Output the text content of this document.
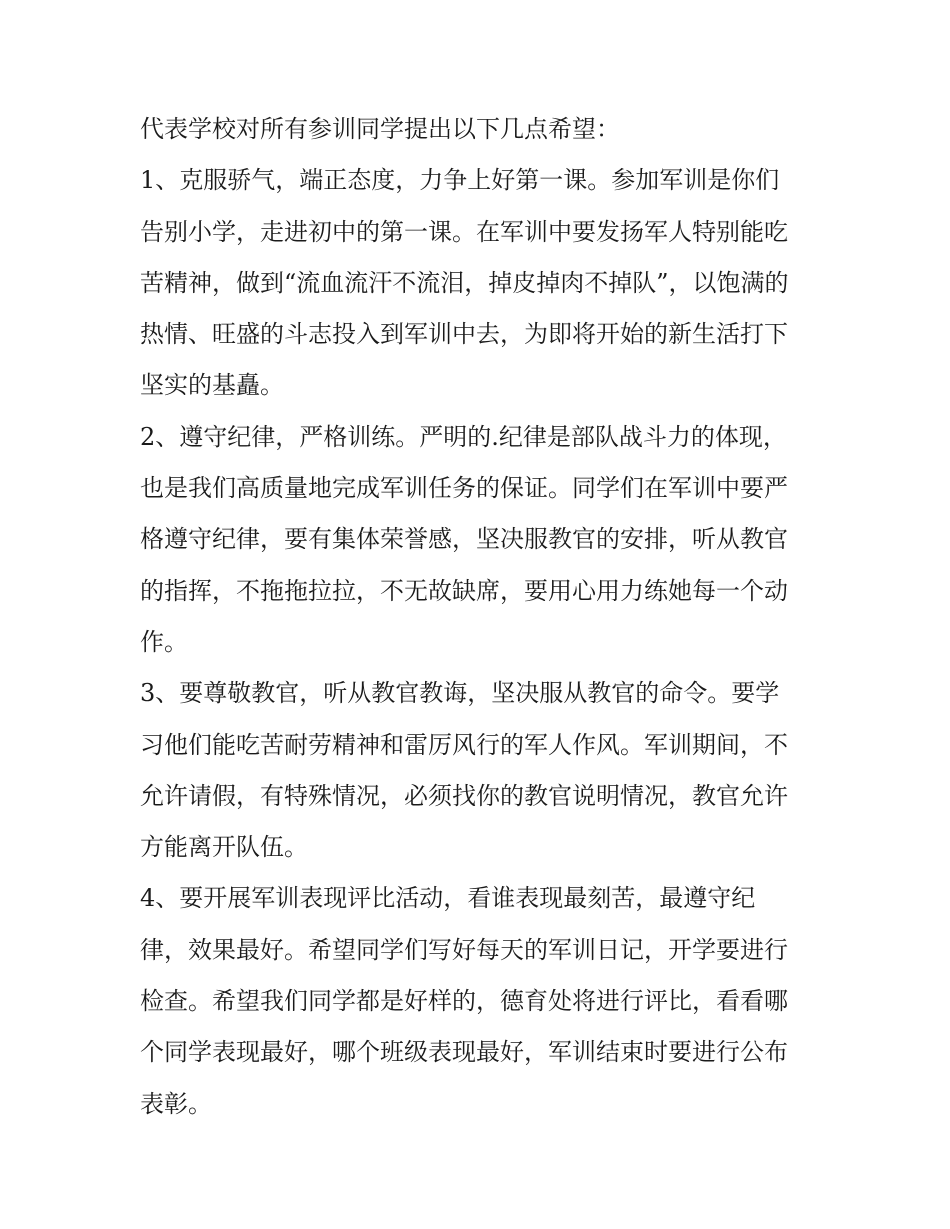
代表学校对所有参训同学提出以下几点希望：
1、克服骄气，端正态度，力争上好第一课。参加军训是你们
告别小学，走进初中的第一课。在军训中要发扬军人特别能吃
苦精神，做到“流血流汗不流泪，掉皮掉肉不掉队”，以饱满的
热情、旺盛的斗志投入到军训中去，为即将开始的新生活打下
坚实的基矗。
2、遵守纪律，严格训练。严明的.纪律是部队战斗力的体现，
也是我们高质量地完成军训任务的保证。同学们在军训中要严
格遵守纪律，要有集体荣誉感，坚决服教官的安排，听从教官
的指挥，不拖拖拉拉，不无故缺席，要用心用力练她每一个动
作。
3、要尊敬教官，听从教官教诲，坚决服从教官的命令。要学
习他们能吃苦耐劳精神和雷厉风行的军人作风。军训期间，不
允许请假，有特殊情况，必须找你的教官说明情况，教官允许
方能离开队伍。
4、要开展军训表现评比活动，看谁表现最刻苦，最遵守纪
律，效果最好。希望同学们写好每天的军训日记，开学要进行
检查。希望我们同学都是好样的，德育处将进行评比，看看哪
个同学表现最好，哪个班级表现最好，军训结束时要进行公布
表彰。
